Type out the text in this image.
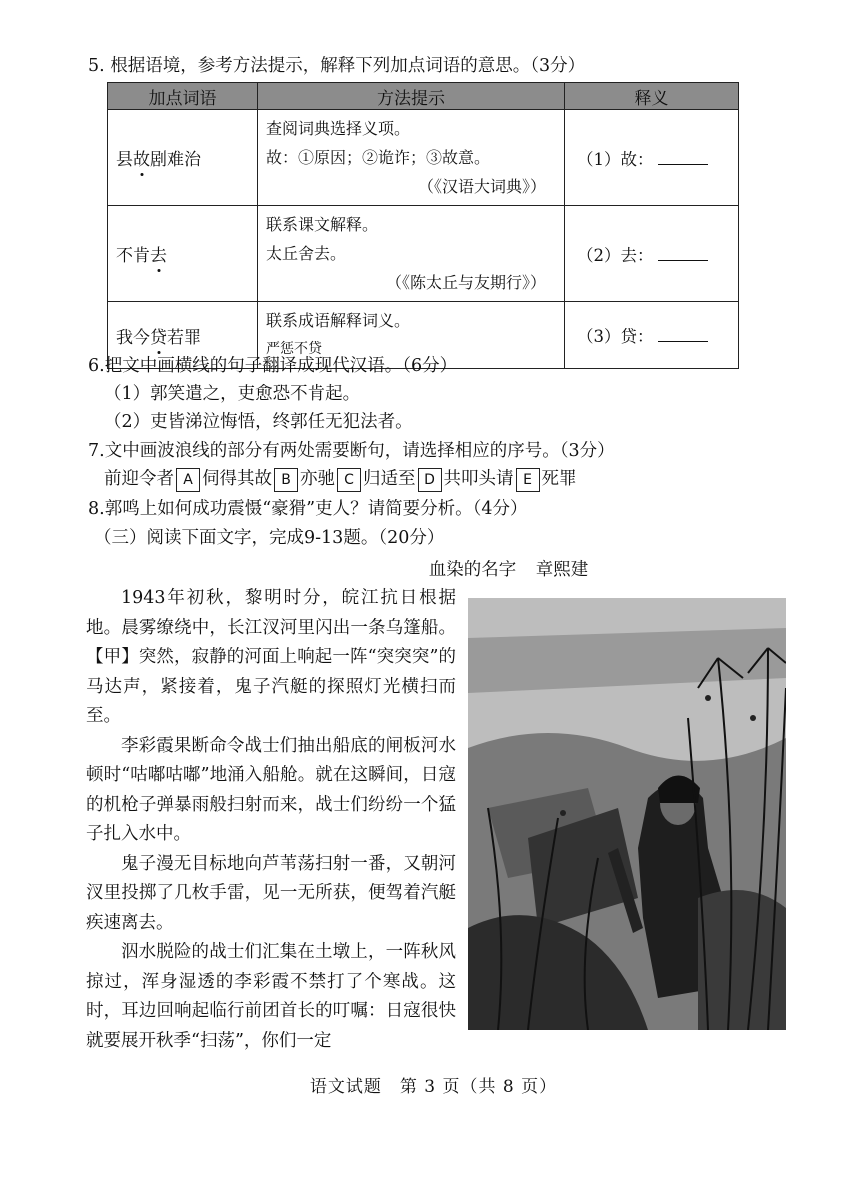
5. 根据语境，参考方法提示，解释下列加点词语的意思。（3分）
加点词语	方法提示	释义
县故剧难治	查阅词典选择义项。
故：①原因；②诡诈；③故意。
（《汉语大词典》）	（1）故：
不肯去	联系课文解释。
太丘舍去。
（《陈太丘与友期行》）	（2）去：
我今贷若罪	联系成语解释词义。
严惩不贷	（3）贷：
6.把文中画横线的句子翻译成现代汉语。（6分）
（1）郭笑遣之，吏愈恐不肯起。
（2）吏皆涕泣悔悟，终郭任无犯法者。
7.文中画波浪线的部分有两处需要断句，请选择相应的序号。（3分）
前迎令者 A 伺得其故 B 亦驰 C 归适至 D 共叩头请 E 死罪
8.郭鸣上如何成功震慑“豪猾”吏人？请简要分析。（4分）
（三）阅读下面文字，完成9-13题。（20分）
血染的名字 章熙建

1943年初秋，黎明时分，皖江抗日根据地。晨雾缭绕中，长江汊河里闪出一条乌篷船。【甲】突然，寂静的河面上响起一阵“突突突”的马达声，紧接着，鬼子汽艇的探照灯光横扫而至。

李彩霞果断命令战士们抽出船底的闸板河水顿时“咕嘟咕嘟”地涌入船舱。就在这瞬间，日寇的机枪子弹暴雨般扫射而来，战士们纷纷一个猛子扎入水中。

鬼子漫无目标地向芦苇荡扫射一番，又朝河汊里投掷了几枚手雷，见一无所获，便驾着汽艇疾速离去。

泅水脱险的战士们汇集在土墩上，一阵秋风掠过，浑身湿透的李彩霞不禁打了个寒战。这时，耳边回响起临行前团首长的叮嘱：日寇很快就要展开秋季“扫荡”，你们一定

语文试题　第 3 页（共 8 页）
